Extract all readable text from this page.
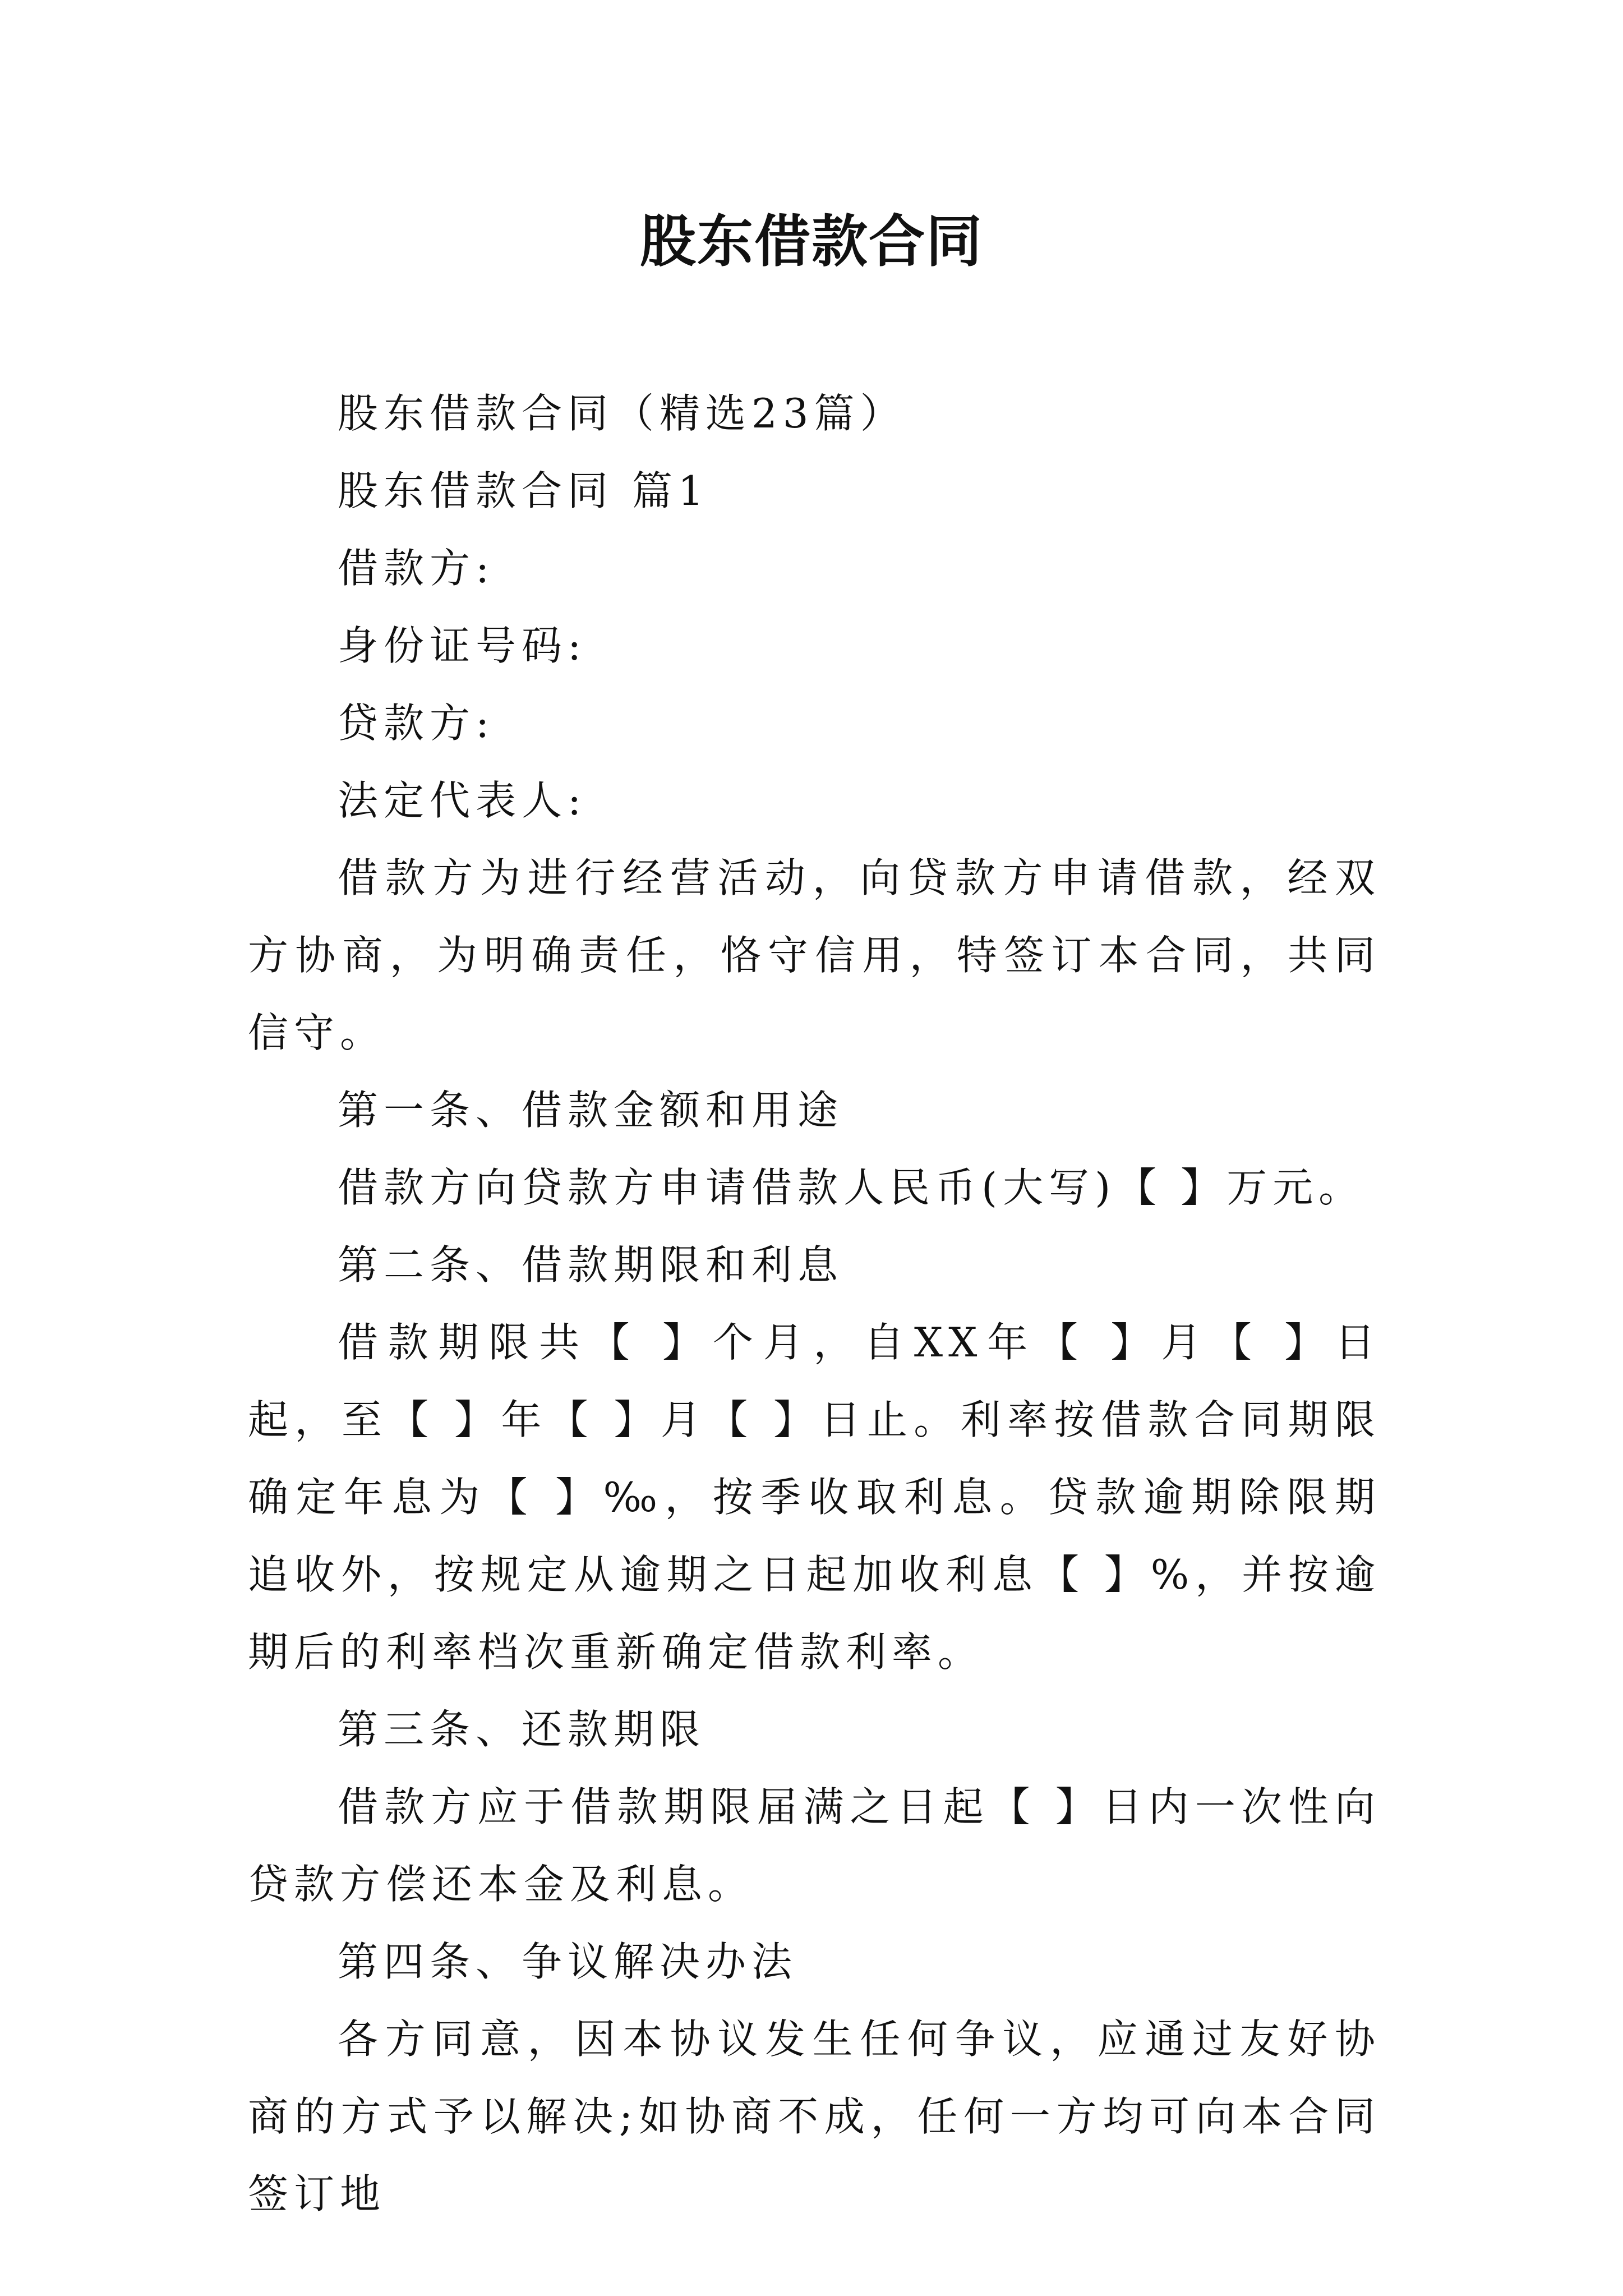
股东借款合同

股东借款合同（精选23篇）

股东借款合同 篇1

借款方:

身份证号码:

贷款方:

法定代表人:

借款方为进行经营活动，向贷款方申请借款，经双方协商，为明确责任，恪守信用，特签订本合同，共同信守。

第一条、借款金额和用途

借款方向贷款方申请借款人民币(大写)【 】万元。

第二条、借款期限和利息

借款期限共【 】个月，自XX年【 】月【 】日起，至【 】年【 】月【 】日止。利率按借款合同期限确定年息为【 】‰，按季收取利息。贷款逾期除限期追收外，按规定从逾期之日起加收利息【 】%，并按逾期后的利率档次重新确定借款利率。

第三条、还款期限

借款方应于借款期限届满之日起【 】日内一次性向贷款方偿还本金及利息。

第四条、争议解决办法

各方同意，因本协议发生任何争议，应通过友好协商的方式予以解决;如协商不成，任何一方均可向本合同签订地
